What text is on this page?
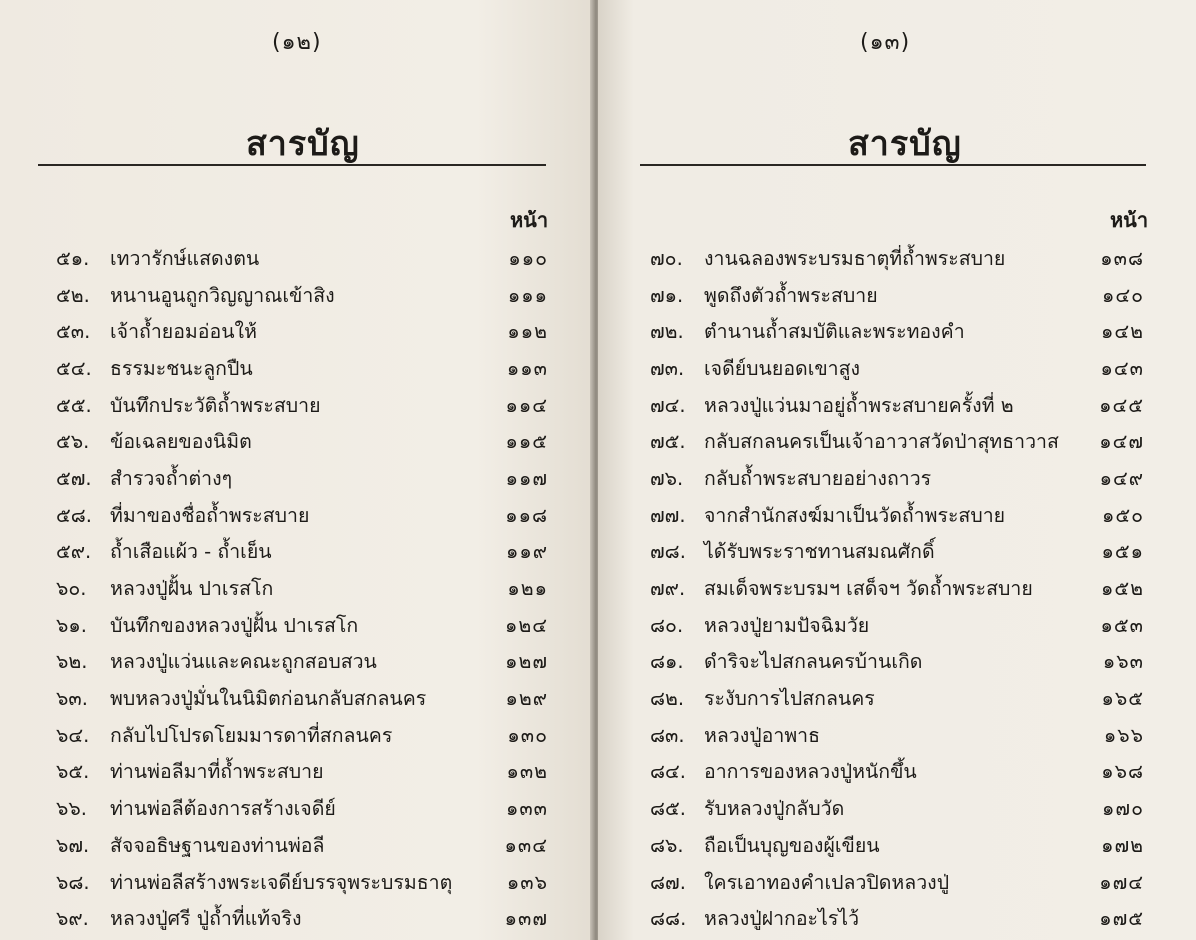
(๑๒)
สารบัญ
หน้า
๕๑.	เทวารักษ์แสดงตน	๑๑๐
๕๒.	หนานอูนถูกวิญญาณเข้าสิง	๑๑๑
๕๓.	เจ้าถ้ำยอมอ่อนให้	๑๑๒
๕๔. ธรรมะชนะลูกปืน	๑๑๓
๕๕. บันทึกประวัติถ้ำพระสบาย	๑๑๔
๕๖.	ข้อเฉลยของนิมิต	๑๑๕
๕๗. สำรวจถ้ำต่างๆ	๑๑๗
๕๘. ที่มาของชื่อถ้ำพระสบาย	๑๑๘
๕๙. ถ้ำเสือแผ้ว - ถ้ำเย็น	๑๑๙
๖๐.	หลวงปู่ฝั้น ปาเรสโก	๑๒๑
๖๑.	บันทึกของหลวงปู่ฝั้น ปาเรสโก	๑๒๔
๖๒.	หลวงปู่แว่นและคณะถูกสอบสวน	๑๒๗
๖๓.	พบหลวงปู่มั่นในนิมิตก่อนกลับสกลนคร	๑๒๙
๖๔.	กลับไปโปรดโยมมารดาที่สกลนคร	๑๓๐
๖๕.	ท่านพ่อลีมาที่ถ้ำพระสบาย	๑๓๒
๖๖.	ท่านพ่อลีต้องการสร้างเจดีย์	๑๓๓
๖๗.	สัจจอธิษฐานของท่านพ่อลี	๑๓๔
๖๘.	ท่านพ่อลีสร้างพระเจดีย์บรรจุพระบรมธาตุ	๑๓๖
๖๙.	หลวงปู่ศรี ปู่ถ้ำที่แท้จริง	๑๓๗
(๑๓)
สารบัญ
หน้า
๗๐.	งานฉลองพระบรมธาตุที่ถ้ำพระสบาย	๑๓๘
๗๑.	พูดถึงตัวถ้ำพระสบาย	๑๔๐
๗๒.	ตำนานถ้ำสมบัติและพระทองคำ	๑๔๒
๗๓.	เจดีย์บนยอดเขาสูง	๑๔๓
๗๔. หลวงปู่แว่นมาอยู่ถ้ำพระสบายครั้งที่ ๒	๑๔๕
๗๕. กลับสกลนครเป็นเจ้าอาวาสวัดป่าสุทธาวาส	๑๔๗
๗๖.	กลับถ้ำพระสบายอย่างถาวร	๑๔๙
๗๗. จากสำนักสงฆ์มาเป็นวัดถ้ำพระสบาย	๑๕๐
๗๘. ได้รับพระราชทานสมณศักดิ์	๑๕๑
๗๙. สมเด็จพระบรมฯ เสด็จฯ วัดถ้ำพระสบาย	๑๕๒
๘๐.	หลวงปู่ยามปัจฉิมวัย	๑๕๓
๘๑.	ดำริจะไปสกลนครบ้านเกิด	๑๖๓
๘๒.	ระงับการไปสกลนคร	๑๖๕
๘๓. หลวงปู่อาพาธ	๑๖๖
๘๔. อาการของหลวงปู่หนักขึ้น	๑๖๘
๘๕. รับหลวงปู่กลับวัด	๑๗๐
๘๖.	ถือเป็นบุญของผู้เขียน	๑๗๒
๘๗. ใครเอาทองคำเปลวปิดหลวงปู่	๑๗๔
๘๘. หลวงปู่ฝากอะไรไว้	๑๗๕
